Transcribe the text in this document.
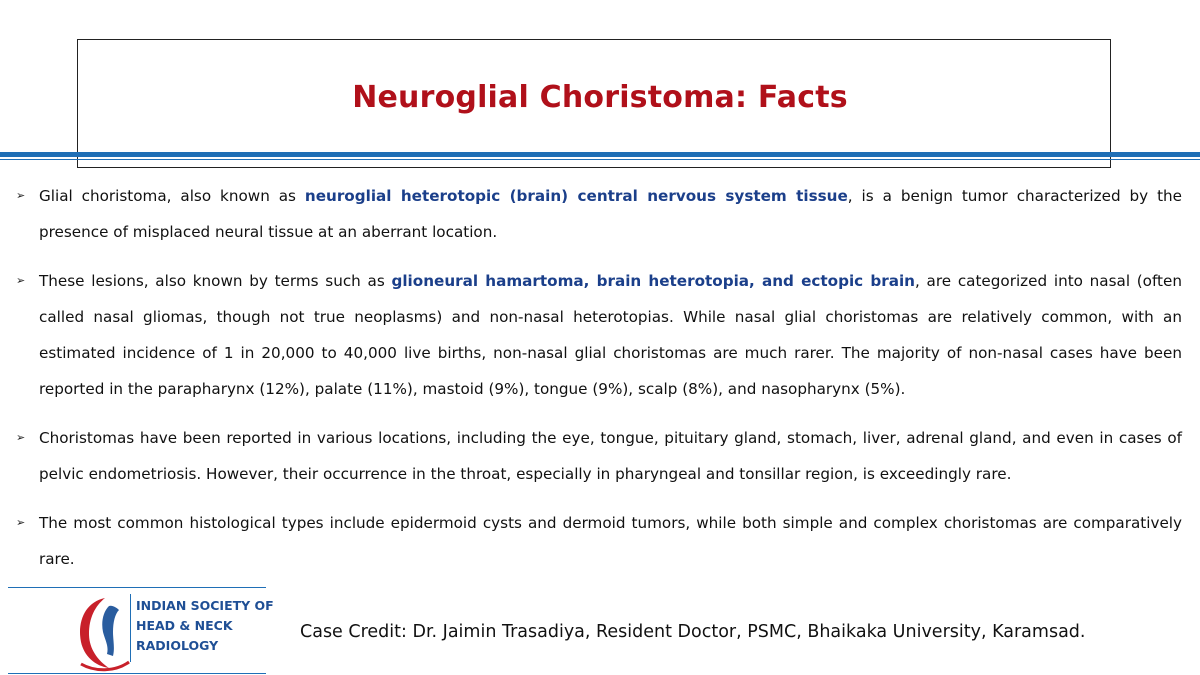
Neuroglial Choristoma: Facts
➢ Glial choristoma, also known as neuroglial heterotopic (brain) central nervous system tissue, is a benign tumor characterized by the presence of misplaced neural tissue at an aberrant location.
➢ These lesions, also known by terms such as glioneural hamartoma, brain heterotopia, and ectopic brain, are categorized into nasal (often called nasal gliomas, though not true neoplasms) and non-nasal heterotopias. While nasal glial choristomas are relatively common, with an estimated incidence of 1 in 20,000 to 40,000 live births, non-nasal glial choristomas are much rarer. The majority of non-nasal cases have been reported in the parapharynx (12%), palate (11%), mastoid (9%), tongue (9%), scalp (8%), and nasopharynx (5%).
➢ Choristomas have been reported in various locations, including the eye, tongue, pituitary gland, stomach, liver, adrenal gland, and even in cases of pelvic endometriosis. However, their occurrence in the throat, especially in pharyngeal and tonsillar region, is exceedingly rare.
➢ The most common histological types include epidermoid cysts and dermoid tumors, while both simple and complex choristomas are comparatively rare.
INDIAN SOCIETY OF
HEAD & NECK
RADIOLOGY
Case Credit: Dr. Jaimin Trasadiya, Resident Doctor, PSMC, Bhaikaka University, Karamsad.
